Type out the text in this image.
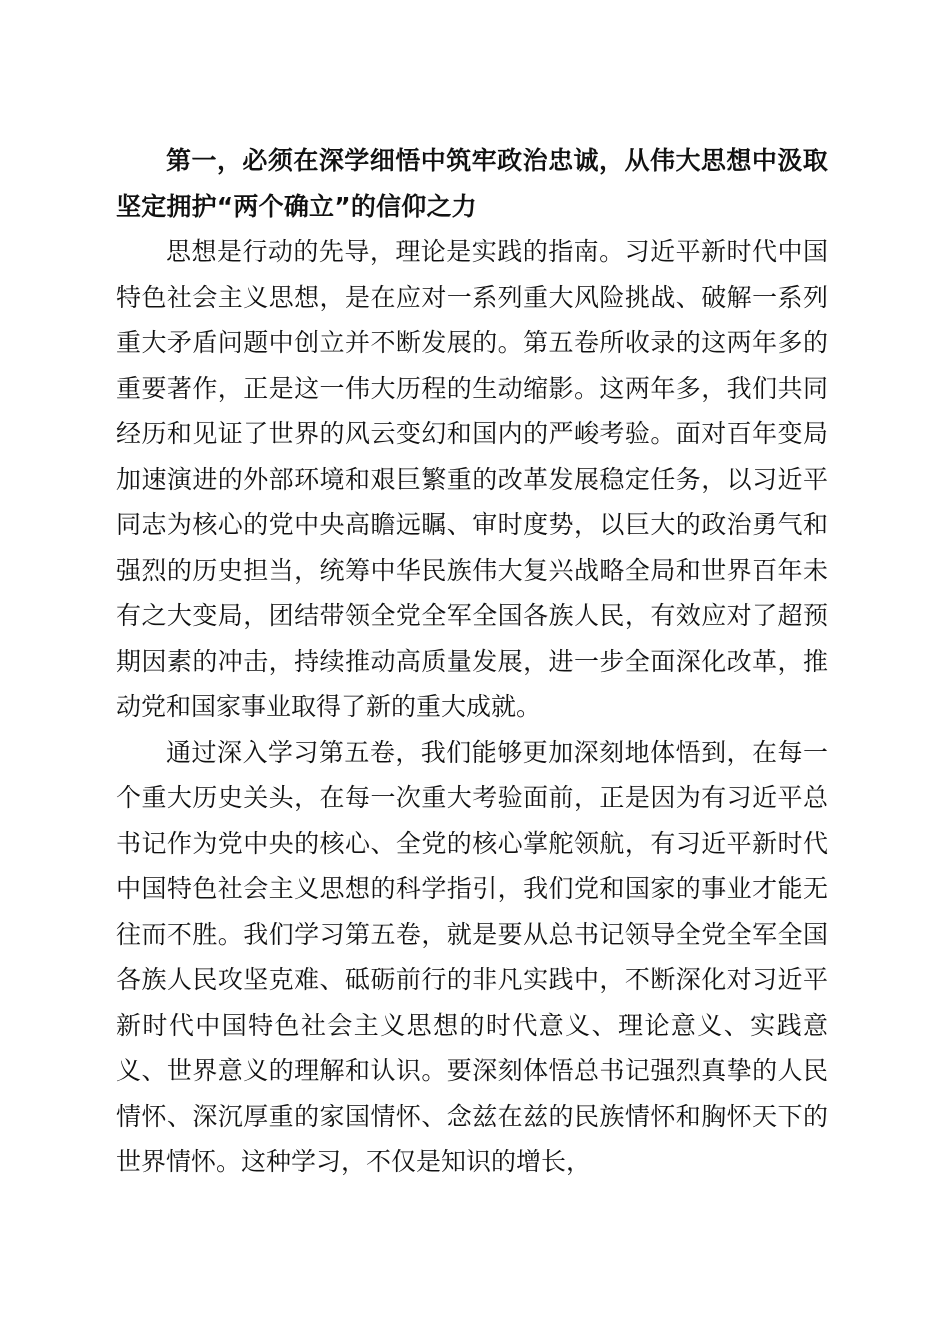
第一，必须在深学细悟中筑牢政治忠诚，从伟大思想中汲取坚定拥护“两个确立”的信仰之力

思想是行动的先导，理论是实践的指南。习近平新时代中国特色社会主义思想，是在应对一系列重大风险挑战、破解一系列重大矛盾问题中创立并不断发展的。第五卷所收录的这两年多的重要著作，正是这一伟大历程的生动缩影。这两年多，我们共同经历和见证了世界的风云变幻和国内的严峻考验。面对百年变局加速演进的外部环境和艰巨繁重的改革发展稳定任务，以习近平同志为核心的党中央高瞻远瞩、审时度势，以巨大的政治勇气和强烈的历史担当，统筹中华民族伟大复兴战略全局和世界百年未有之大变局，团结带领全党全军全国各族人民，有效应对了超预期因素的冲击，持续推动高质量发展，进一步全面深化改革，推动党和国家事业取得了新的重大成就。

通过深入学习第五卷，我们能够更加深刻地体悟到，在每一个重大历史关头，在每一次重大考验面前，正是因为有习近平总书记作为党中央的核心、全党的核心掌舵领航，有习近平新时代中国特色社会主义思想的科学指引，我们党和国家的事业才能无往而不胜。我们学习第五卷，就是要从总书记领导全党全军全国各族人民攻坚克难、砥砺前行的非凡实践中，不断深化对习近平新时代中国特色社会主义思想的时代意义、理论意义、实践意义、世界意义的理解和认识。要深刻体悟总书记强烈真挚的人民情怀、深沉厚重的家国情怀、念兹在兹的民族情怀和胸怀天下的世界情怀。这种学习，不仅是知识的增长，
